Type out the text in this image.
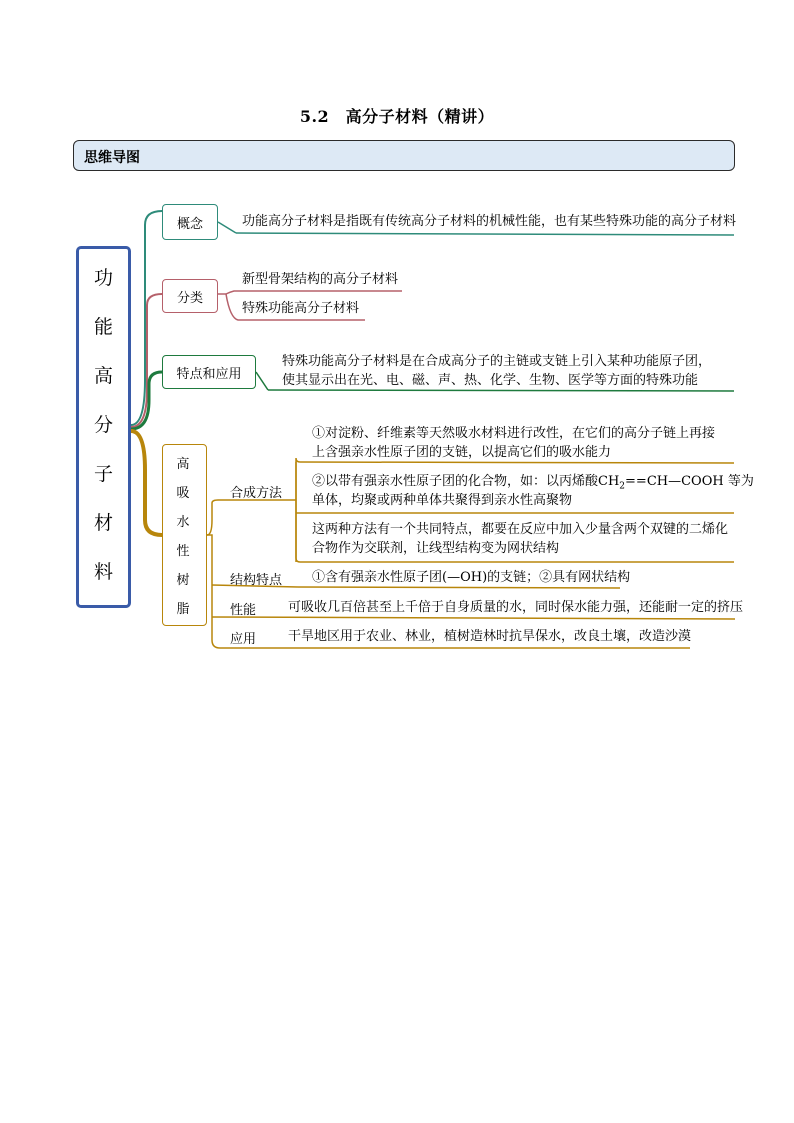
5.2　高分子材料（精讲）
思维导图
功
能
高
分
子
材
料
概念	功能高分子材料是指既有传统高分子材料的机械性能，也有某些特殊功能的高分子材料
分类
新型骨架结构的高分子材料
特殊功能高分子材料
特点和应用
特殊功能高分子材料是在合成高分子的主链或支链上引入某种功能原子团，
使其显示出在光、电、磁、声、热、化学、生物、医学等方面的特殊功能
高
吸
水
性
树
脂
合成方法
①对淀粉、纤维素等天然吸水材料进行改性，在它们的高分子链上再接
上含强亲水性原子团的支链，以提高它们的吸水能力
②以带有强亲水性原子团的化合物，如：以丙烯酸$CH_2==CH—COOH$ 等为
单体，均聚或两种单体共聚得到亲水性高聚物
这两种方法有一个共同特点，都要在反应中加入少量含两个双键的二烯化
合物作为交联剂，让线型结构变为网状结构
结构特点 ①含有强亲水性原子团(—OH)的支链；②具有网状结构
性能 可吸收几百倍甚至上千倍于自身质量的水，同时保水能力强，还能耐一定的挤压
应用 干旱地区用于农业、林业，植树造林时抗旱保水，改良土壤，改造沙漠
